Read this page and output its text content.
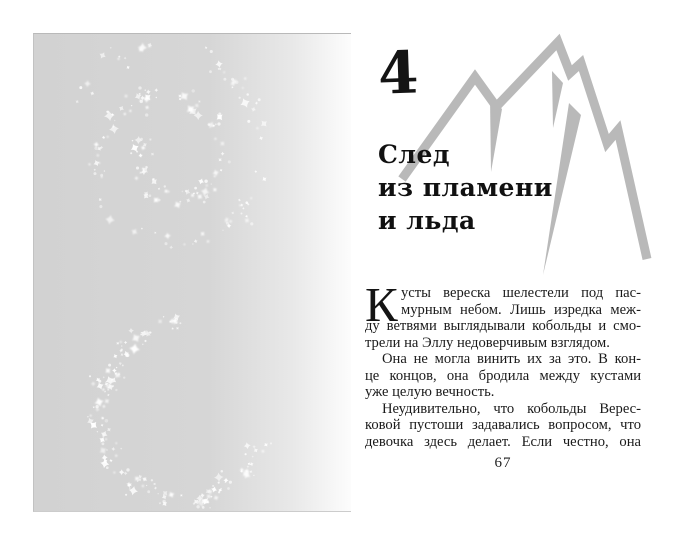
4
След
из пламени
и льда
К усты вереска шелестели под пас-
мурным небом. Лишь изредка меж-
ду ветвями выглядывали кобольды и смо-
трели на Эллу недоверчивым взглядом.
Она не могла винить их за это. В кон-
це концов, она бродила между кустами
уже целую вечность.
Неудивительно, что кобольды Верес-
ковой пустоши задавались вопросом, что
девочка здесь делает. Если честно, она
67
